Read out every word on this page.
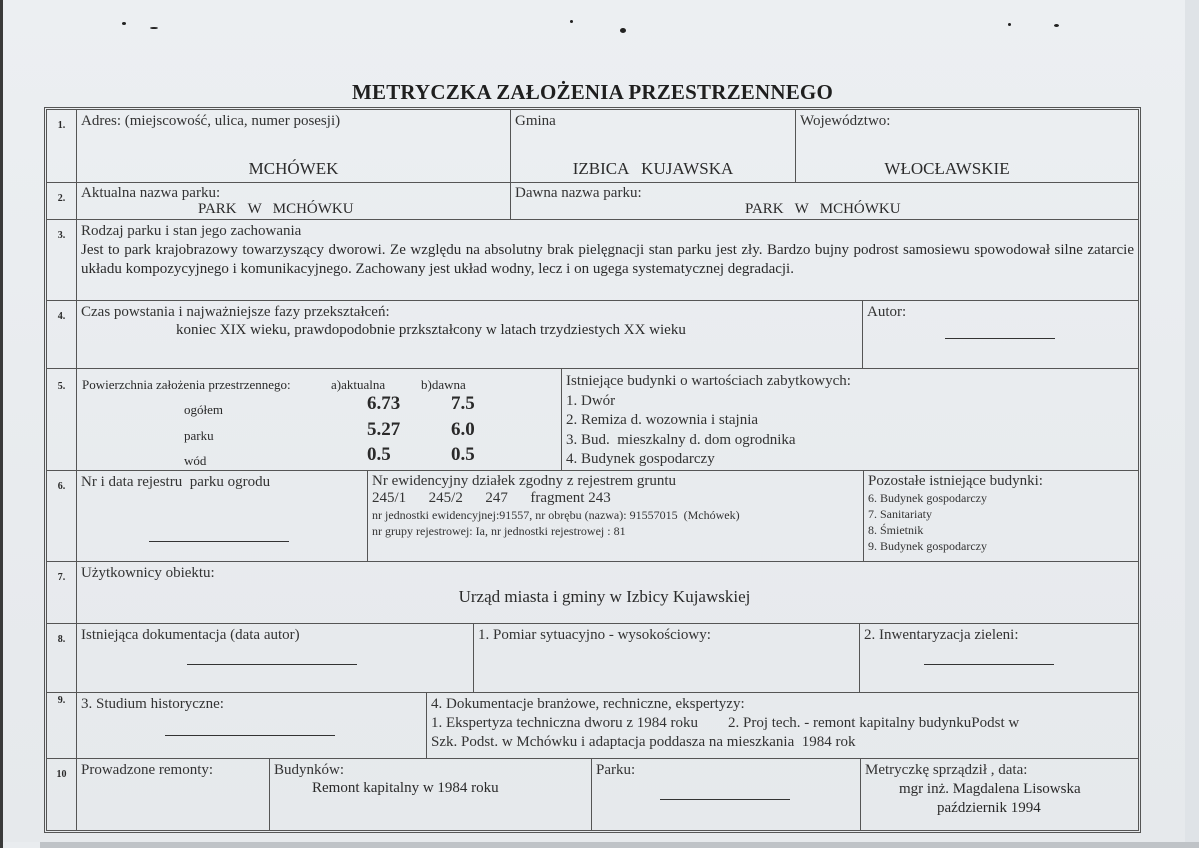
METRYCZKA ZAŁOŻENIA PRZESTRZENNEGO
1.	Adres: (miejscowość, ulica, numer posesji)
MCHÓWEK
Gmina
IZBICA   KUJAWSKA
Województwo:
WŁOCŁAWSKIE
2.	Aktualna nazwa parku:
PARK   W   MCHÓWKU
Dawna nazwa parku:
PARK   W   MCHÓWKU
3.	Rodzaj parku i stan jego zachowania
Jest to park krajobrazowy towarzyszący dworowi. Ze względu na absolutny brak pielęgnacji stan parku jest zły. Bardzo bujny podrost samosiewu spowodował silne zatarcie układu kompozycyjnego i komunikacyjnego. Zachowany jest układ wodny, lecz i on ugega systematycznej degradacji.
4.	Czas powstania i najważniejsze fazy przekształceń:
koniec XIX wieku, prawdopodobnie przkształcony w latach trzydziestych XX wieku
Autor:
5.	Powierzchnia założenia przestrzennego:	a)aktualna	b)dawna
ogółem	6.73	7.5
parku	5.27	6.0
wód	0.5	0.5
Istniejące budynki o wartościach zabytkowych:
1. Dwór
2. Remiza d. wozownia i stajnia
3. Bud.  mieszkalny d. dom ogrodnika
4. Budynek gospodarczy
6.	Nr i data rejestru  parku ogrodu	Nr ewidencyjny działek zgodny z rejestrem gruntu
245/1      245/2      247      fragment 243
nr jednostki ewidencyjnej:91557, nr obrębu (nazwa): 91557015  (Mchówek)
nr grupy rejestrowej: Ia, nr jednostki rejestrowej : 81
Pozostałe istniejące budynki:
6. Budynek gospodarczy
7. Sanitariaty
8. Śmietnik
9. Budynek gospodarczy
7.	Użytkownicy obiektu:
Urząd miasta i gminy w Izbicy Kujawskiej
8.	Istniejąca dokumentacja (data autor)	1. Pomiar sytuacyjno - wysokościowy:	2. Inwentaryzacja zieleni:
9.	3. Studium historyczne:	4. Dokumentacje branżowe, rechniczne, ekspertyzy:
1. Ekspertyza techniczna dworu z 1984 roku        2. Proj tech. - remont kapitalny budynkuPodst w
Szk. Podst. w Mchówku i adaptacja poddasza na mieszkania  1984 rok
10 Prowadzone remonty:	Budynków:
Remont kapitalny w 1984 roku
Parku:	Metryczkę sprządził , data:
mgr inż. Magdalena Lisowska
październik 1994
